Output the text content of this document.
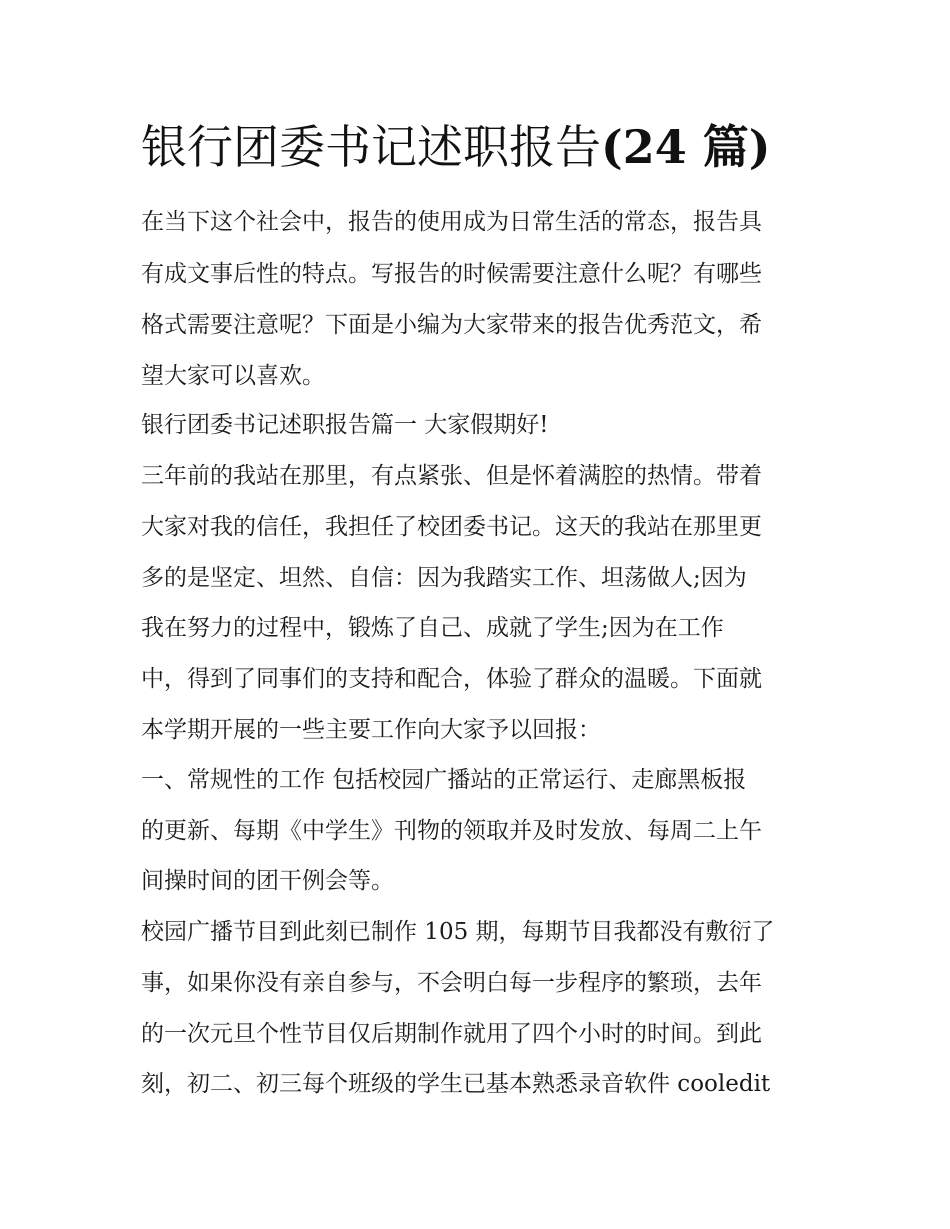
银行团委书记述职报告(24 篇)

在当下这个社会中，报告的使用成为日常生活的常态，报告具

有成文事后性的特点。写报告的时候需要注意什么呢？有哪些

格式需要注意呢？下面是小编为大家带来的报告优秀范文，希

望大家可以喜欢。

银行团委书记述职报告篇一 大家假期好!

三年前的我站在那里，有点紧张、但是怀着满腔的热情。带着

大家对我的信任，我担任了校团委书记。这天的我站在那里更

多的是坚定、坦然、自信：因为我踏实工作、坦荡做人;因为

我在努力的过程中，锻炼了自己、成就了学生;因为在工作

中，得到了同事们的支持和配合，体验了群众的温暖。下面就

本学期开展的一些主要工作向大家予以回报：

一、常规性的工作 包括校园广播站的正常运行、走廊黑板报

的更新、每期《中学生》刊物的领取并及时发放、每周二上午

间操时间的团干例会等。

校园广播节目到此刻已制作 105 期，每期节目我都没有敷衍了

事，如果你没有亲自参与，不会明白每一步程序的繁琐，去年

的一次元旦个性节目仅后期制作就用了四个小时的时间。到此

刻，初二、初三每个班级的学生已基本熟悉录音软件 cooledit
